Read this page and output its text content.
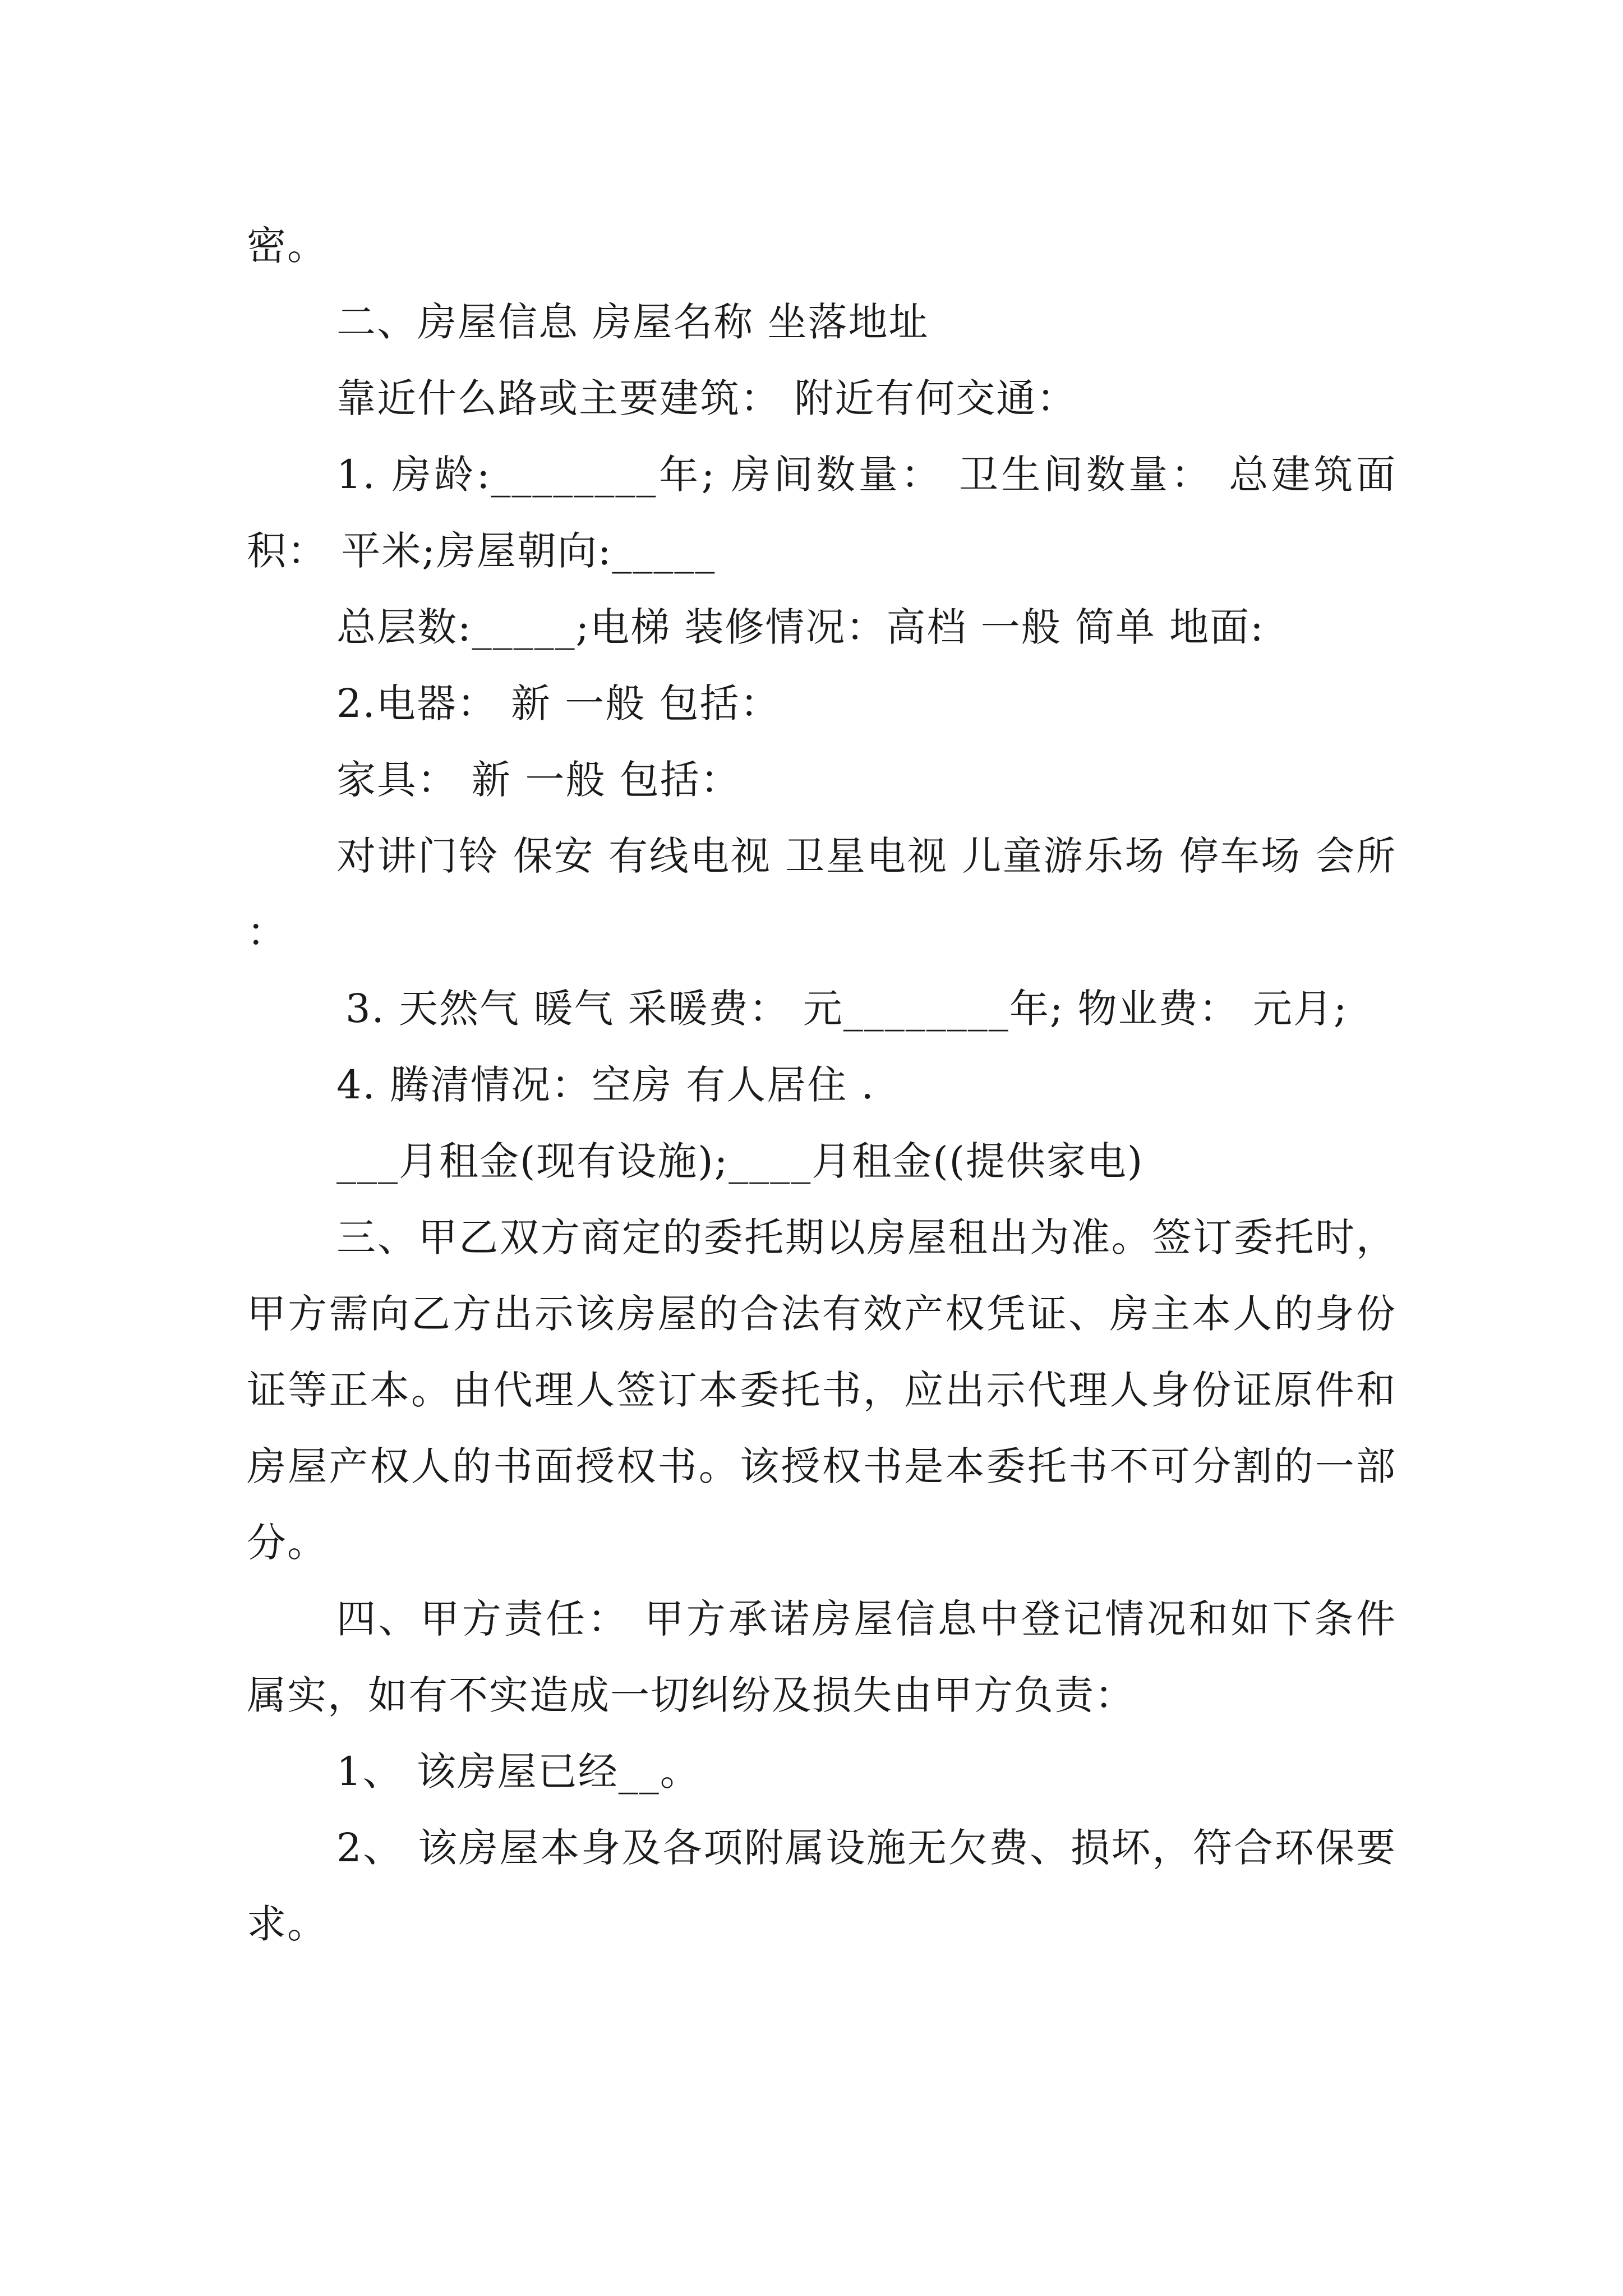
密。

二、房屋信息 房屋名称 坐落地址

靠近什么路或主要建筑： 附近有何交通：

1. 房龄:________年; 房间数量： 卫生间数量： 总建筑面积： 平米;房屋朝向:_____

总层数:_____;电梯 装修情况：高档 一般 简单 地面:

2.电器： 新 一般 包括：

家具： 新 一般 包括：

对讲门铃 保安 有线电视 卫星电视 儿童游乐场 停车场 会所 ：

3. 天然气 暖气 采暖费： 元________年; 物业费： 元月;

4. 腾清情况：空房 有人居住 .

___月租金(现有设施);____月租金((提供家电)

三、甲乙双方商定的委托期以房屋租出为准。签订委托时，甲方需向乙方出示该房屋的合法有效产权凭证、房主本人的身份证等正本。由代理人签订本委托书，应出示代理人身份证原件和房屋产权人的书面授权书。该授权书是本委托书不可分割的一部分。

四、甲方责任： 甲方承诺房屋信息中登记情况和如下条件属实，如有不实造成一切纠纷及损失由甲方负责：

1、 该房屋已经__。

2、 该房屋本身及各项附属设施无欠费、损坏，符合环保要求。
